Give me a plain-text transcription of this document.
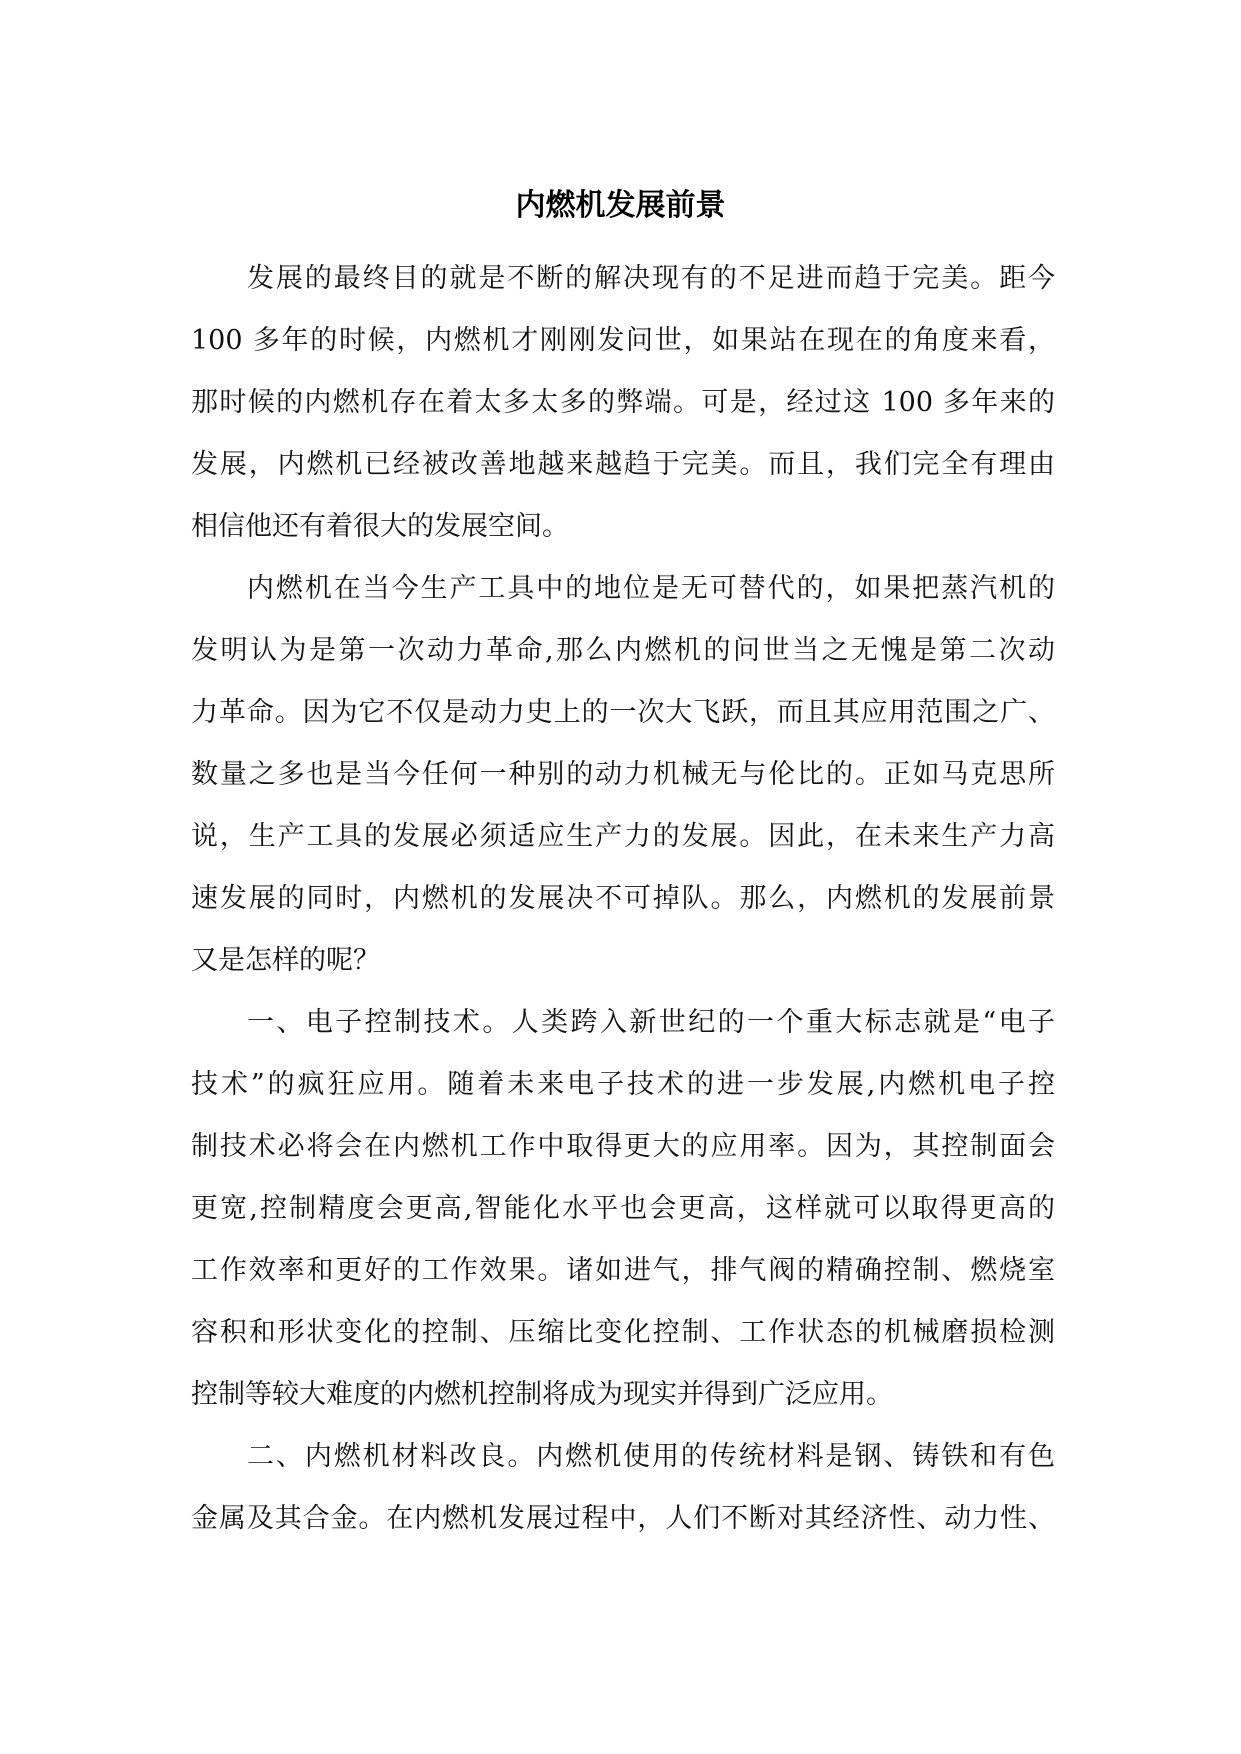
内燃机发展前景
发展的最终目的就是不断的解决现有的不足进而趋于完美。距今
100 多年的时候，内燃机才刚刚发问世，如果站在现在的角度来看，
那时候的内燃机存在着太多太多的弊端。可是，经过这 100 多年来的
发展，内燃机已经被改善地越来越趋于完美。而且，我们完全有理由
相信他还有着很大的发展空间。
内燃机在当今生产工具中的地位是无可替代的，如果把蒸汽机的
发明认为是第一次动力革命,那么内燃机的问世当之无愧是第二次动
力革命。因为它不仅是动力史上的一次大飞跃，而且其应用范围之广、
数量之多也是当今任何一种别的动力机械无与伦比的。正如马克思所
说，生产工具的发展必须适应生产力的发展。因此，在未来生产力高
速发展的同时，内燃机的发展决不可掉队。那么，内燃机的发展前景
又是怎样的呢？
一、电子控制技术。人类跨入新世纪的一个重大标志就是“电子
技术”的疯狂应用。随着未来电子技术的进一步发展,内燃机电子控
制技术必将会在内燃机工作中取得更大的应用率。因为，其控制面会
更宽,控制精度会更高,智能化水平也会更高，这样就可以取得更高的
工作效率和更好的工作效果。诸如进气，排气阀的精确控制、燃烧室
容积和形状变化的控制、压缩比变化控制、工作状态的机械磨损检测
控制等较大难度的内燃机控制将成为现实并得到广泛应用。
二、内燃机材料改良。内燃机使用的传统材料是钢、铸铁和有色
金属及其合金。在内燃机发展过程中，人们不断对其经济性、动力性、
